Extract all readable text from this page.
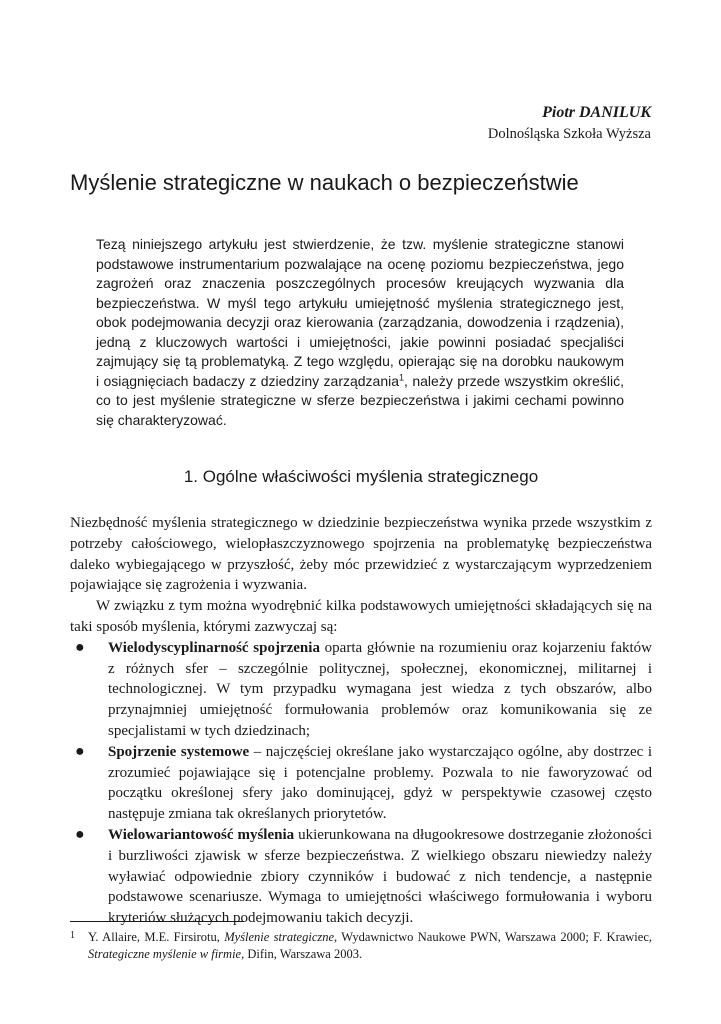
Piotr DANILUK
Dolnośląska Szkoła Wyższa
Myślenie strategiczne w naukach o bezpieczeństwie

Tezą niniejszego artykułu jest stwierdzenie, że tzw. myślenie strategiczne stanowi podstawowe instrumentarium pozwalające na ocenę poziomu bezpieczeństwa, jego zagrożeń oraz znaczenia poszczególnych procesów kreujących wyzwania dla bezpieczeństwa. W myśl tego artykułu umiejętność myślenia strategicznego jest, obok podejmowania decyzji oraz kierowania (zarządzania, dowodzenia i rządzenia), jedną z kluczowych wartości i umiejętności, jakie powinni posiadać specjaliści zajmujący się tą problematyką. Z tego względu, opierając się na dorobku naukowym i osiągnięciach badaczy z dziedziny zarządzania$^1$, należy przede wszystkim określić, co to jest myślenie strategiczne w sferze bezpieczeństwa i jakimi cechami powinno się charakteryzować.

1. Ogólne właściwości myślenia strategicznego

Niezbędność myślenia strategicznego w dziedzinie bezpieczeństwa wynika przede wszystkim z potrzeby całościowego, wielopłaszczyznowego spojrzenia na problematykę bezpieczeństwa daleko wybiegającego w przyszłość, żeby móc przewidzieć z wystarczającym wyprzedzeniem pojawiające się zagrożenia i wyzwania.

W związku z tym można wyodrębnić kilka podstawowych umiejętności składających się na taki sposób myślenia, którymi zazwyczaj są:

● Wielodyscyplinarność spojrzenia oparta głównie na rozumieniu oraz kojarzeniu faktów z różnych sfer – szczególnie politycznej, społecznej, ekonomicznej, militarnej i technologicznej. W tym przypadku wymagana jest wiedza z tych obszarów, albo przynajmniej umiejętność formułowania problemów oraz komunikowania się ze specjalistami w tych dziedzinach;
● Spojrzenie systemowe – najczęściej określane jako wystarczająco ogólne, aby dostrzec i zrozumieć pojawiające się i potencjalne problemy. Pozwala to nie faworyzować od początku określonej sfery jako dominującej, gdyż w perspektywie czasowej często następuje zmiana tak określanych priorytetów.
● Wielowariantowość myślenia ukierunkowana na długookresowe dostrzeganie złożoności i burzliwości zjawisk w sferze bezpieczeństwa. Z wielkiego obszaru niewiedzy należy wyławiać odpowiednie zbiory czynników i budować z nich tendencje, a następnie podstawowe scenariusze. Wymaga to umiejętności właściwego formułowania i wyboru kryteriów służących podejmowaniu takich decyzji.
1	Y. Allaire, M.E. Firsirotu, Myślenie strategiczne, Wydawnictwo Naukowe PWN, Warszawa 2000; F. Krawiec, Strategiczne myślenie w firmie, Difin, Warszawa 2003.
